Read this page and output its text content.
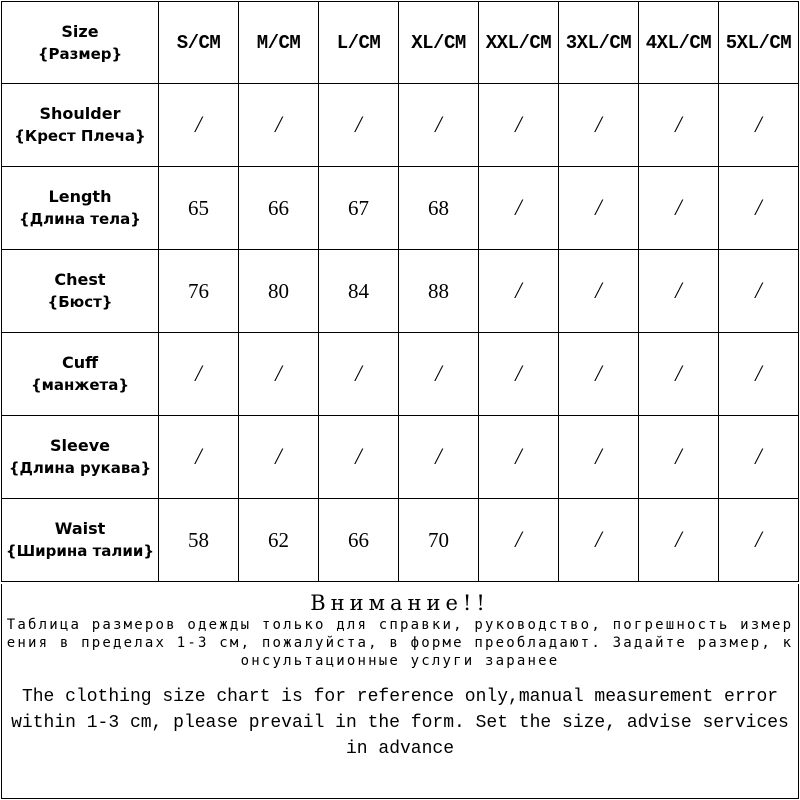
Size
{Размер}	S/CM	M/CM	L/CM	XL/CM	XXL/CM	3XL/CM	4XL/CM	5XL/CM

Shoulder
{Крест Плеча}	/	/	/	/	/	/	/	/

Length
{Длина тела}	65	66	67	68	/	/	/	/

Chest
{Бюст}	76	80	84	88	/	/	/	/

Cuff
{манжета}	/	/	/	/	/	/	/	/

Sleeve
{Длина рукава}	/	/	/	/	/	/	/	/

Waist
{Ширина талии}	58	62	66	70	/	/	/	/
Внимание!!
Таблица размеров одежды только для справки, руководство, погрешность измерения в пределах 1-3 см, пожалуйста, в форме преобладают. Задайте размер, консультационные услуги заранее
The clothing size chart is for reference only,manual measurement error within 1-3 cm, please prevail in the form. Set the size, advise services in advance
